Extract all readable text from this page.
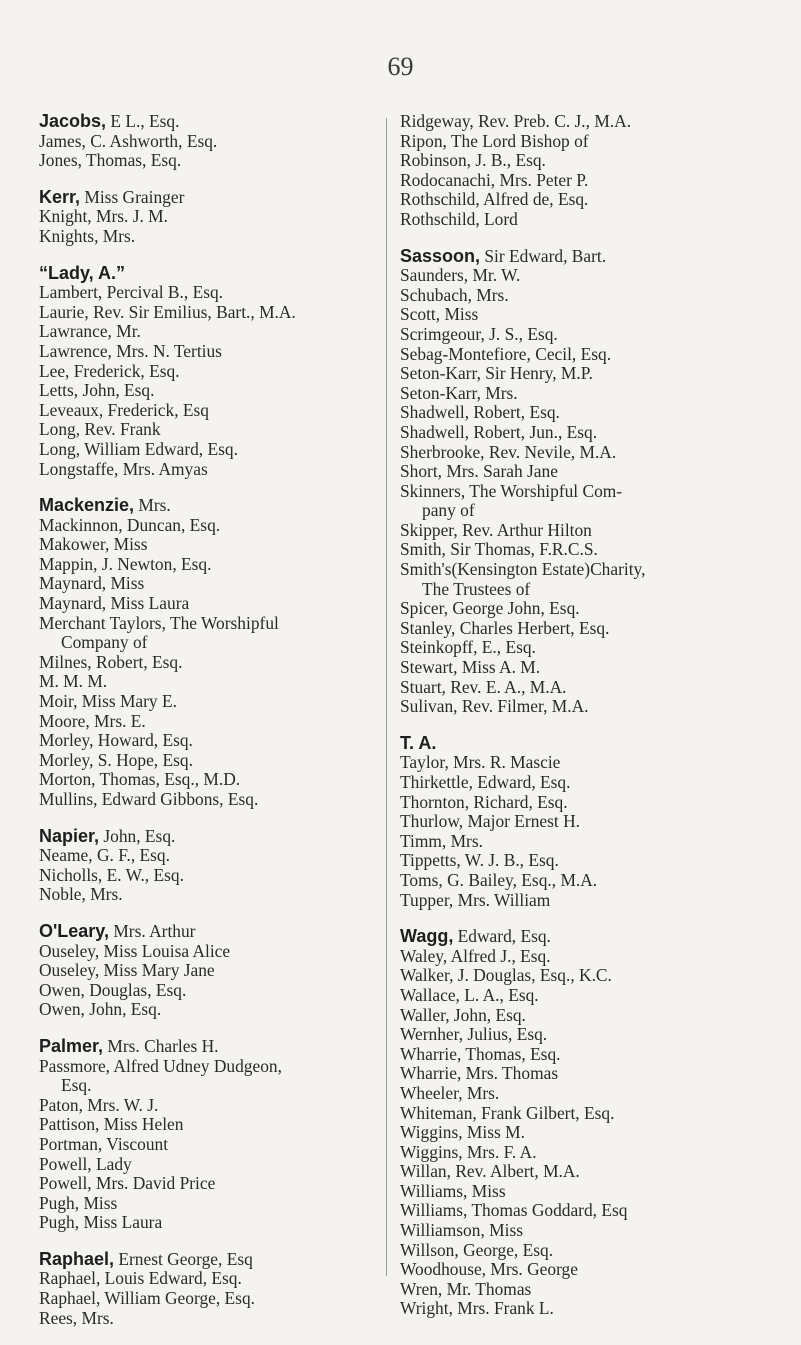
69
Jacobs, E L., Esq.
James, C. Ashworth, Esq.
Jones, Thomas, Esq.
Kerr, Miss Grainger
Knight, Mrs. J. M.
Knights, Mrs.
“Lady, A.”
Lambert, Percival B., Esq.
Laurie, Rev. Sir Emilius, Bart., M.A.
Lawrance, Mr.
Lawrence, Mrs. N. Tertius
Lee, Frederick, Esq.
Letts, John, Esq.
Leveaux, Frederick, Esq
Long, Rev. Frank
Long, William Edward, Esq.
Longstaffe, Mrs. Amyas
Mackenzie, Mrs.
Mackinnon, Duncan, Esq.
Makower, Miss
Mappin, J. Newton, Esq.
Maynard, Miss
Maynard, Miss Laura
Merchant Taylors, The Worshipful
Company of
Milnes, Robert, Esq.
M. M. M.
Moir, Miss Mary E.
Moore, Mrs. E.
Morley, Howard, Esq.
Morley, S. Hope, Esq.
Morton, Thomas, Esq., M.D.
Mullins, Edward Gibbons, Esq.
Napier, John, Esq.
Neame, G. F., Esq.
Nicholls, E. W., Esq.
Noble, Mrs.
O'Leary, Mrs. Arthur
Ouseley, Miss Louisa Alice
Ouseley, Miss Mary Jane
Owen, Douglas, Esq.
Owen, John, Esq.
Palmer, Mrs. Charles H.
Passmore, Alfred Udney Dudgeon,
Esq.
Paton, Mrs. W. J.
Pattison, Miss Helen
Portman, Viscount
Powell, Lady
Powell, Mrs. David Price
Pugh, Miss
Pugh, Miss Laura
Raphael, Ernest George, Esq
Raphael, Louis Edward, Esq.
Raphael, William George, Esq.
Rees, Mrs.
Ridgeway, Rev. Preb. C. J., M.A.
Ripon, The Lord Bishop of
Robinson, J. B., Esq.
Rodocanachi, Mrs. Peter P.
Rothschild, Alfred de, Esq.
Rothschild, Lord
Sassoon, Sir Edward, Bart.
Saunders, Mr. W.
Schubach, Mrs.
Scott, Miss
Scrimgeour, J. S., Esq.
Sebag-Montefiore, Cecil, Esq.
Seton-Karr, Sir Henry, M.P.
Seton-Karr, Mrs.
Shadwell, Robert, Esq.
Shadwell, Robert, Jun., Esq.
Sherbrooke, Rev. Nevile, M.A.
Short, Mrs. Sarah Jane
Skinners, The Worshipful Com-
pany of
Skipper, Rev. Arthur Hilton
Smith, Sir Thomas, F.R.C.S.
Smith's(Kensington Estate)Charity,
The Trustees of
Spicer, George John, Esq.
Stanley, Charles Herbert, Esq.
Steinkopff, E., Esq.
Stewart, Miss A. M.
Stuart, Rev. E. A., M.A.
Sulivan, Rev. Filmer, M.A.
T. A.
Taylor, Mrs. R. Mascie
Thirkettle, Edward, Esq.
Thornton, Richard, Esq.
Thurlow, Major Ernest H.
Timm, Mrs.
Tippetts, W. J. B., Esq.
Toms, G. Bailey, Esq., M.A.
Tupper, Mrs. William
Wagg, Edward, Esq.
Waley, Alfred J., Esq.
Walker, J. Douglas, Esq., K.C.
Wallace, L. A., Esq.
Waller, John, Esq.
Wernher, Julius, Esq.
Wharrie, Thomas, Esq.
Wharrie, Mrs. Thomas
Wheeler, Mrs.
Whiteman, Frank Gilbert, Esq.
Wiggins, Miss M.
Wiggins, Mrs. F. A.
Willan, Rev. Albert, M.A.
Williams, Miss
Williams, Thomas Goddard, Esq
Williamson, Miss
Willson, George, Esq.
Woodhouse, Mrs. George
Wren, Mr. Thomas
Wright, Mrs. Frank L.
